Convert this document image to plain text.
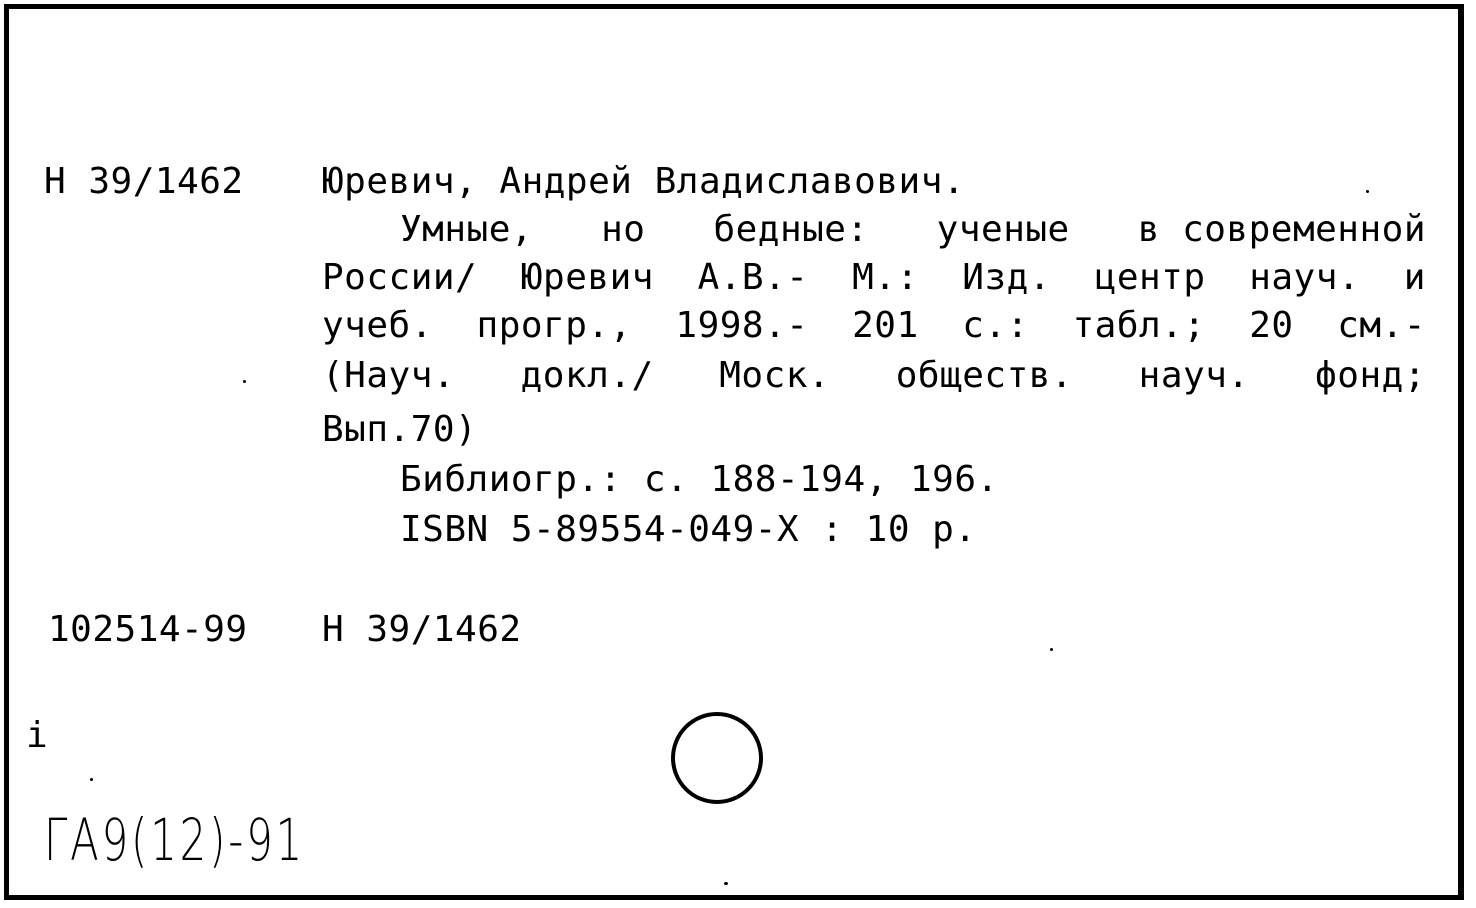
Н 39/1462 Юревич, Андрей Владиславович.
Умные, но бедные: ученые в современной
России/ Юревич А.В.- М.: Изд. центр науч. и
учеб. прогр., 1998.- 201 с.: табл.; 20 см.-
(Науч. докл./ Моск. обществ. науч. фонд;
Вып.70)
Библиогр.: с. 188-194, 196.
ISBN 5-89554-049-X : 10 р.
102514-99 Н 39/1462
i
ГА9(12)-91
